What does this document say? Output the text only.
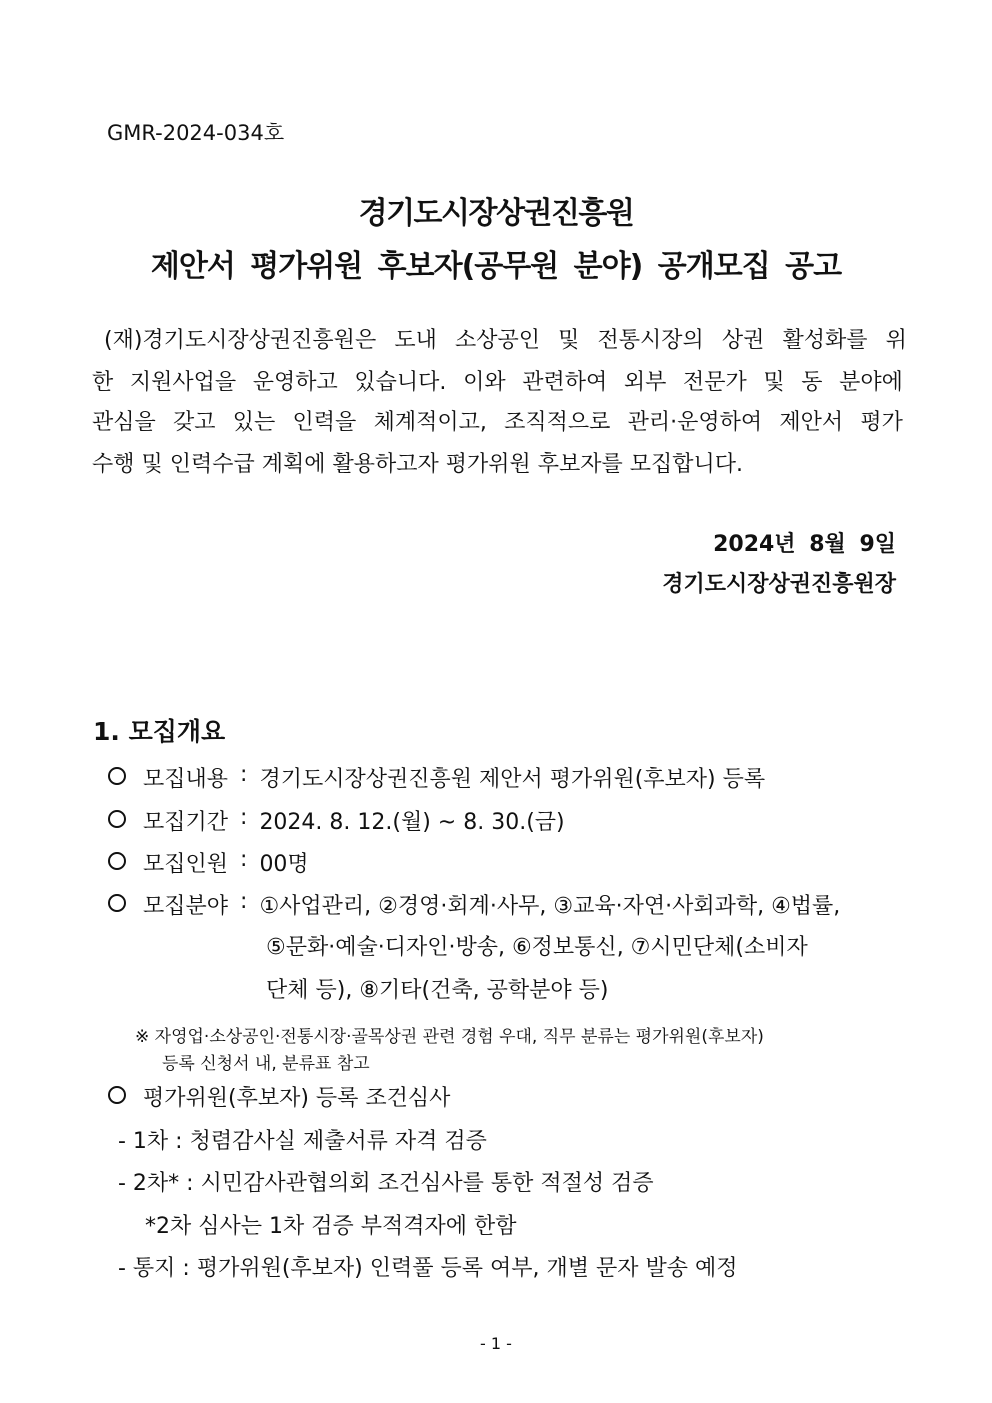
GMR-2024-034호
경기도시장상권진흥원
제안서 평가위원 후보자(공무원 분야) 공개모집 공고
(재)경기도시장상권진흥원은 도내 소상공인 및 전통시장의 상권 활성화를 위
한 지원사업을 운영하고 있습니다. 이와 관련하여 외부 전문가 및 동 분야에
관심을 갖고 있는 인력을 체계적이고, 조직적으로 관리·운영하여 제안서 평가
수행 및 인력수급 계획에 활용하고자 평가위원 후보자를 모집합니다.
2024년 8월 9일
경기도시장상권진흥원장
1. 모집개요
모집내용 : 경기도시장상권진흥원 제안서 평가위원(후보자) 등록
모집기간 : 2024. 8. 12.(월) ~ 8. 30.(금)
모집인원 : 00명
모집분야 : ①사업관리, ②경영·회계·사무, ③교육·자연·사회과학, ④법률,
⑤문화·예술·디자인·방송, ⑥정보통신, ⑦시민단체(소비자
단체 등), ⑧기타(건축, 공학분야 등)
※ 자영업·소상공인·전통시장·골목상권 관련 경험 우대, 직무 분류는 평가위원(후보자)
등록 신청서 내, 분류표 참고
평가위원(후보자) 등록 조건심사
- 1차 : 청렴감사실 제출서류 자격 검증
- 2차* : 시민감사관협의회 조건심사를 통한 적절성 검증
*2차 심사는 1차 검증 부적격자에 한함
- 통지 : 평가위원(후보자) 인력풀 등록 여부, 개별 문자 발송 예정
- 1 -
